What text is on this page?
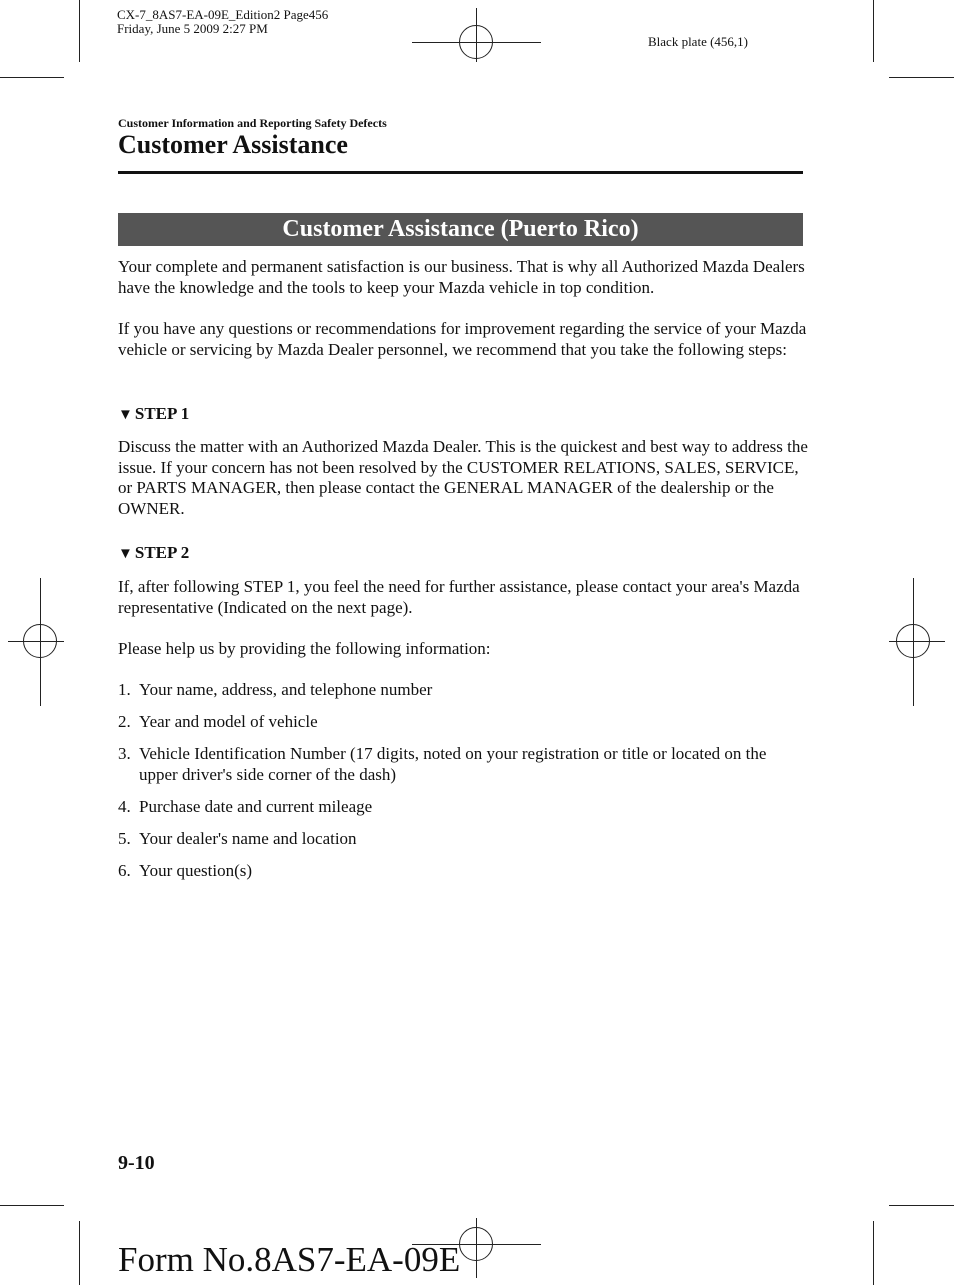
CX-7_8AS7-EA-09E_Edition2 Page456
Friday, June 5 2009 2:27 PM
Black plate (456,1)
Customer Information and Reporting Safety Defects
Customer Assistance
Customer Assistance (Puerto Rico)

Your complete and permanent satisfaction is our business. That is why all Authorized Mazda Dealers have the knowledge and the tools to keep your Mazda vehicle in top condition.

If you have any questions or recommendations for improvement regarding the service of your Mazda vehicle or servicing by Mazda Dealer personnel, we recommend that you take the following steps:

▼ STEP 1

Discuss the matter with an Authorized Mazda Dealer. This is the quickest and best way to address the issue. If your concern has not been resolved by the CUSTOMER RELATIONS, SALES, SERVICE, or PARTS MANAGER, then please contact the GENERAL MANAGER of the dealership or the OWNER.

▼ STEP 2

If, after following STEP 1, you feel the need for further assistance, please contact your area's Mazda representative (Indicated on the next page).

Please help us by providing the following information:

1. Your name, address, and telephone number
2. Year and model of vehicle
3. Vehicle Identification Number (17 digits, noted on your registration or title or located on the upper driver's side corner of the dash)
4. Purchase date and current mileage
5. Your dealer's name and location
6. Your question(s)
9-10
Form No.8AS7-EA-09E
